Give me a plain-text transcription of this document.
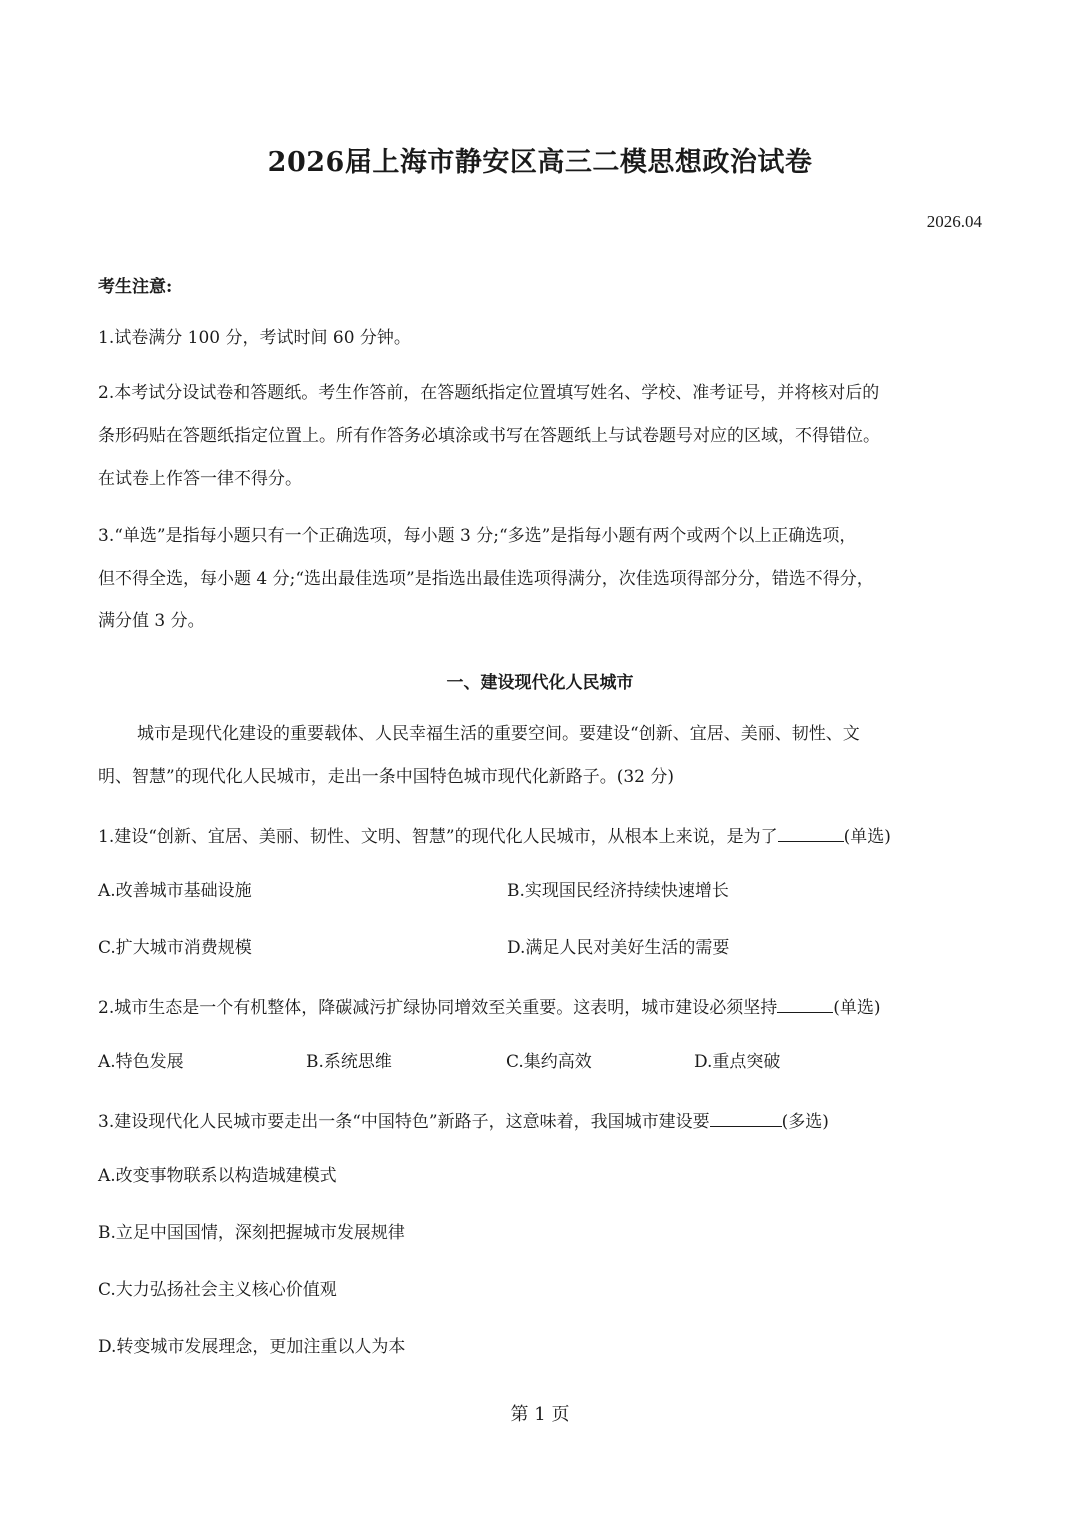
2026届上海市静安区高三二模思想政治试卷
2026.04
考生注意:
1.试卷满分 100 分，考试时间 60 分钟。
2.本考试分设试卷和答题纸。考生作答前，在答题纸指定位置填写姓名、学校、准考证号，并将核对后的
条形码贴在答题纸指定位置上。所有作答务必填涂或书写在答题纸上与试卷题号对应的区域，不得错位。
在试卷上作答一律不得分。
3.“单选”是指每小题只有一个正确选项，每小题 3 分;“多选”是指每小题有两个或两个以上正确选项，
但不得全选，每小题 4 分;“选出最佳选项”是指选出最佳选项得满分，次佳选项得部分分，错选不得分，
满分值 3 分。
一、建设现代化人民城市
城市是现代化建设的重要载体、人民幸福生活的重要空间。要建设“创新、宜居、美丽、韧性、文
明、智慧”的现代化人民城市，走出一条中国特色城市现代化新路子。(32 分)
1.建设“创新、宜居、美丽、韧性、文明、智慧”的现代化人民城市，从根本上来说，是为了	(单选)
A.改善城市基础设施	B.实现国民经济持续快速增长
C.扩大城市消费规模	D.满足人民对美好生活的需要
2.城市生态是一个有机整体，降碳减污扩绿协同增效至关重要。这表明，城市建设必须坚持	(单选)
A.特色发展	B.系统思维	C.集约高效	D.重点突破
3.建设现代化人民城市要走出一条“中国特色”新路子，这意味着，我国城市建设要	(多选)
A.改变事物联系以构造城建模式
B.立足中国国情，深刻把握城市发展规律
C.大力弘扬社会主义核心价值观
D.转变城市发展理念，更加注重以人为本
第 1 页
